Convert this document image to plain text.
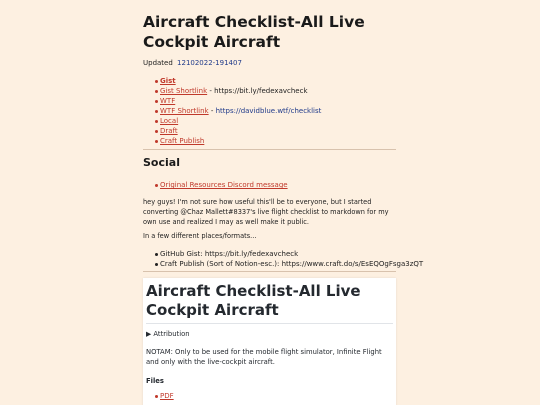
Aircraft Checklist-All Live Cockpit Aircraft
Updated 12102022-191407
Gist
Gist Shortlink - https://bit.ly/fedexavcheck
WTF
WTF Shortlink - https://davidblue.wtf/checklist
Local
Draft
Craft Publish
Social
Original Resources Discord message

hey guys! I'm not sure how useful this'll be to everyone, but I started converting @Chaz Mallett#8337's live flight checklist to markdown for my own use and realized I may as well make it public.

In a few different places/formats...

GitHub Gist: https://bit.ly/fedexavcheck
Craft Publish (Sort of Notion-esc.): https://www.craft.do/s/EsEQOgFsga3zQT
Aircraft Checklist-All Live Cockpit Aircraft

▶ Attribution

NOTAM: Only to be used for the mobile flight simulator, Infinite Flight and only with the live-cockpit aircraft.

Files

PDF
